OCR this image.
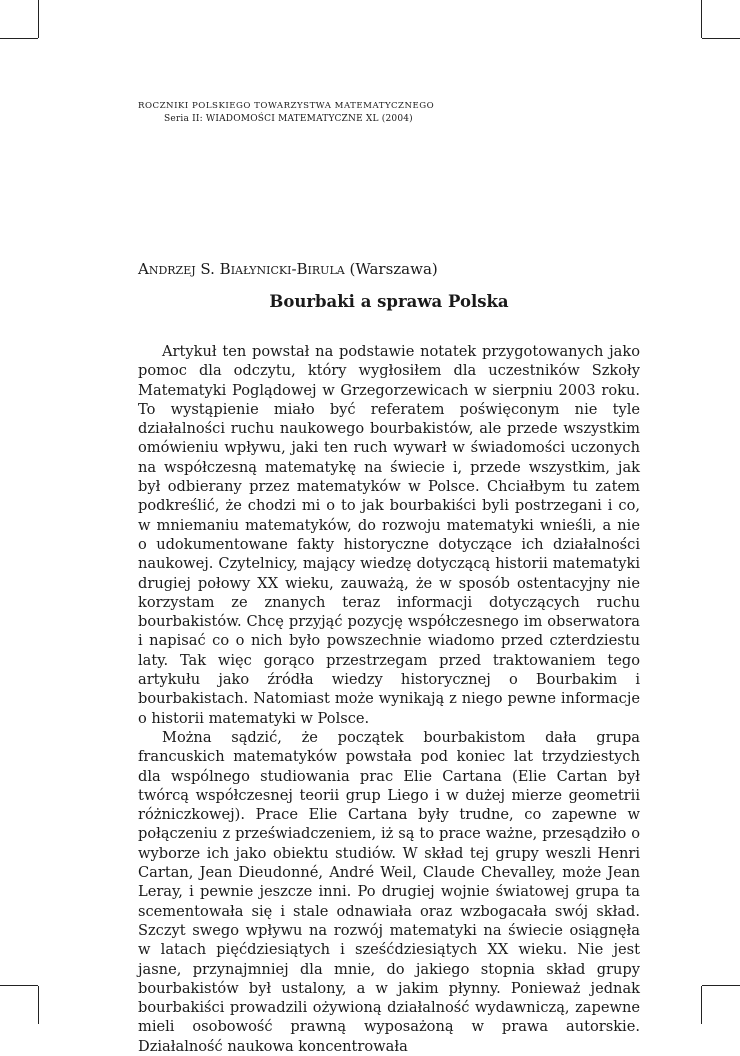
ROCZNIKI POLSKIEGO TOWARZYSTWA MATEMATYCZNEGO
Seria II: WIADOMOŚCI MATEMATYCZNE XL (2004)
Andrzej S. Białynicki-Birula (Warszawa)
Bourbaki a sprawa Polska

Artykuł ten powstał na podstawie notatek przygotowanych jako pomoc dla odczytu, który wygłosiłem dla uczestników Szkoły Matematyki Poglądowej w Grzegorzewicach w sierpniu 2003 roku. To wystąpienie miało być referatem poświęconym nie tyle działalności ruchu naukowego bourbakistów, ale przede wszystkim omówieniu wpływu, jaki ten ruch wywarł w świadomości uczonych na współczesną matematykę na świecie i, przede wszystkim, jak był odbierany przez matematyków w Polsce. Chciałbym tu zatem podkreślić, że chodzi mi o to jak bourbakiści byli postrzegani i co, w mniemaniu matematyków, do rozwoju matematyki wnieśli, a nie o udokumentowane fakty historyczne dotyczące ich działalności naukowej. Czytelnicy, mający wiedzę dotyczącą historii matematyki drugiej połowy XX wieku, zauważą, że w sposób ostentacyjny nie korzystam ze znanych teraz informacji dotyczących ruchu bourbakistów. Chcę przyjąć pozycję współczesnego im obserwatora i napisać co o nich było powszechnie wiadomo przed czterdziestu laty. Tak więc gorąco przestrzegam przed traktowaniem tego artykułu jako źródła wiedzy historycznej o Bourbakim i bourbakistach. Natomiast może wynikają z niego pewne informacje o historii matematyki w Polsce.

Można sądzić, że początek bourbakistom dała grupa francuskich matematyków powstała pod koniec lat trzydziestych dla wspólnego studiowania prac Elie Cartana (Elie Cartan był twórcą współczesnej teorii grup Liego i w dużej mierze geometrii różniczkowej). Prace Elie Cartana były trudne, co zapewne w połączeniu z przeświadczeniem, iż są to prace ważne, przesądziło o wyborze ich jako obiektu studiów. W skład tej grupy weszli Henri Cartan, Jean Dieudonné, André Weil, Claude Chevalley, może Jean Leray, i pewnie jeszcze inni. Po drugiej wojnie światowej grupa ta scementowała się i stale odnawiała oraz wzbogacała swój skład. Szczyt swego wpływu na rozwój matematyki na świecie osiągnęła w latach pięćdziesiątych i sześćdziesiątych XX wieku. Nie jest jasne, przynajmniej dla mnie, do jakiego stopnia skład grupy bourbakistów był ustalony, a w jakim płynny. Ponieważ jednak bourbakiści prowadzili ożywioną działalność wydawniczą, zapewne mieli osobowość prawną wyposażoną w prawa autorskie. Działalność naukowa koncentrowała
